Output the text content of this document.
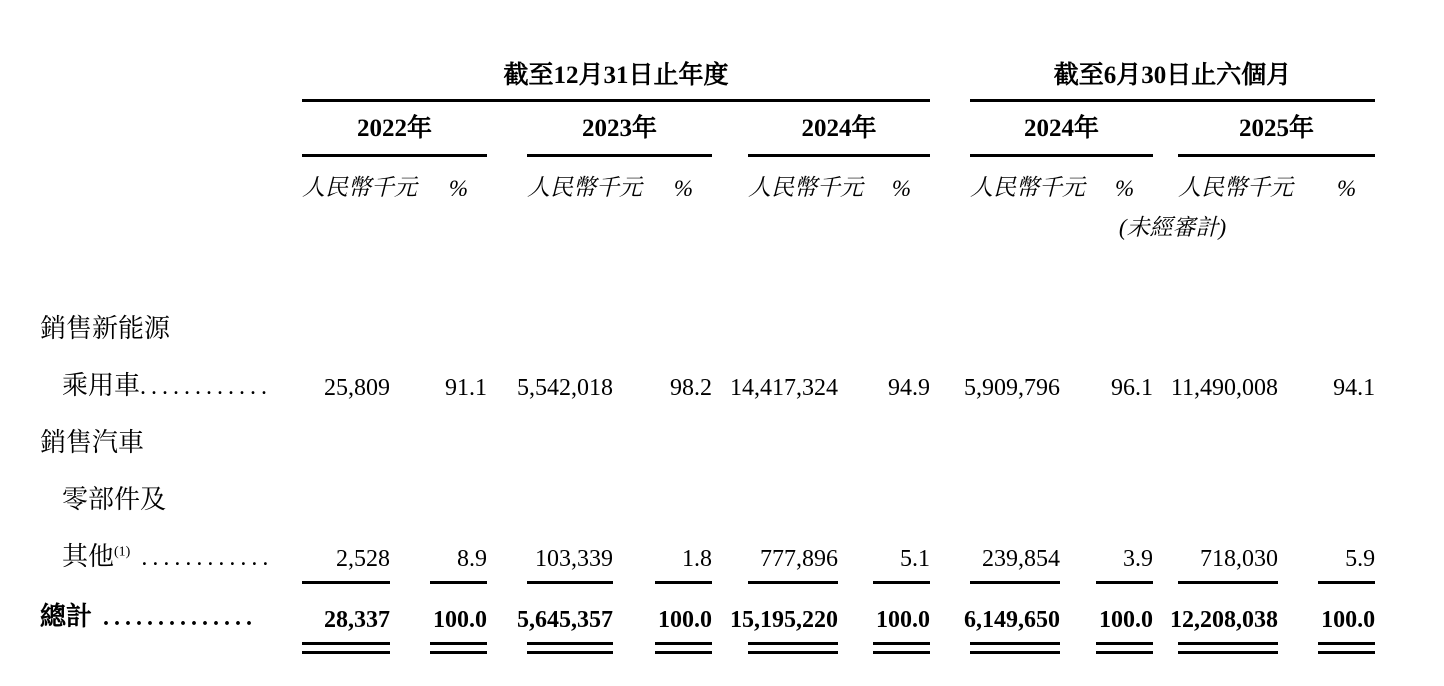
	截至12月31日止年度												截至6月30日止六個月						
	2022年				2023年				2024年				2024年				2025年		
	人民幣千元		%		人民幣千元		%		人民幣千元		%		人民幣千元		%		人民幣千元		%
													(未經審計)						

銷售新能源																			
乘用車............	25,809		91.1		5,542,018		98.2		14,417,324		94.9		5,909,796		96.1		11,490,008		94.1
銷售汽車																			
零部件及																			
其他$^{(1)}$ ............	2,528		8.9		103,339		1.8		777,896		5.1		239,854		3.9		718,030		5.9
總計 ..............	28,337		100.0		5,645,357		100.0		15,195,220		100.0		6,149,650		100.0		12,208,038		100.0
